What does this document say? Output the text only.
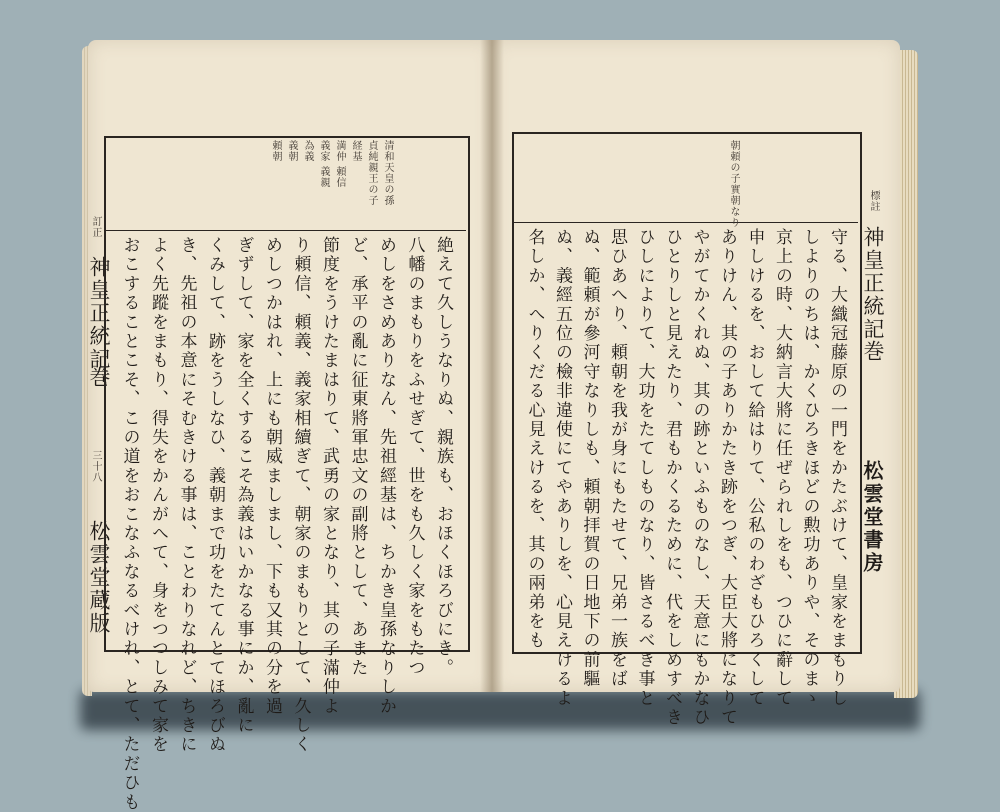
訂正
神皇正統記
巻
三十八
松雲堂蔵版
清和天皇の孫
貞純親王の子
経基
満仲 頼信
義家 義親
為義
義朝
頼朝
絶えて久しうなりぬ、親族も、おほくほろびにき。
八幡のまもりをふせぎて、世をも久しく家をもたつ
めしをさめありなん、先祖經基は、ちかき皇孫なりしか
ど、承平の亂に征東將軍忠文の副將として、あまた
節度をうけたまはりて、武勇の家となり、其の子滿仲よ
り頼信、頼義、義家相續ぎて、朝家のまもりとして、久しく
めしつかはれ、上にも朝威ましまし、下も又其の分を過
ぎずして、家を全くするこそ為義はいかなる事にか、亂に
くみして、跡をうしなひ、義朝まで功をたてんとてほろびぬ
き、先祖の本意にそむきける事は、ことわりなれど、ちきに
よく先蹤をまもり、得失をかんがへて、身をつつしみて家を
おこすることこそ、この道をおこなふなるべけれ、とて、ただひも
朝頼の子實朝なり
守る、大織冠藤原の一門をかたぶけて、皇家をまもりし
しよりのちは、かくひろきほどの勲功ありや、そのまゝ
京上の時、大納言大將に任ぜられしをも、つひに辭して
申しけるを、おして給はりて、公私のわざもひろくして
ありけん、其の子ありかたき跡をつぎ、大臣大將になりて
やがてかくれぬ、其の跡といふものなし、天意にもかなひ
ひとりしと見えたり、君もかくるために、代をしめすべき
ひしによりて、大功をたてしものなり、皆さるべき事と
思ひあへり、頼朝を我が身にもたせて、兄弟一族をば
ぬ、範頼が參河守なりしも、頼朝拝賀の日地下の前驅
ぬ、義經五位の檢非違使にてやありしを、心見えけるよ
名しか、へりくだる心見えけるを、其の兩弟をも
標註
神皇正統記
巻
松雲堂書房
